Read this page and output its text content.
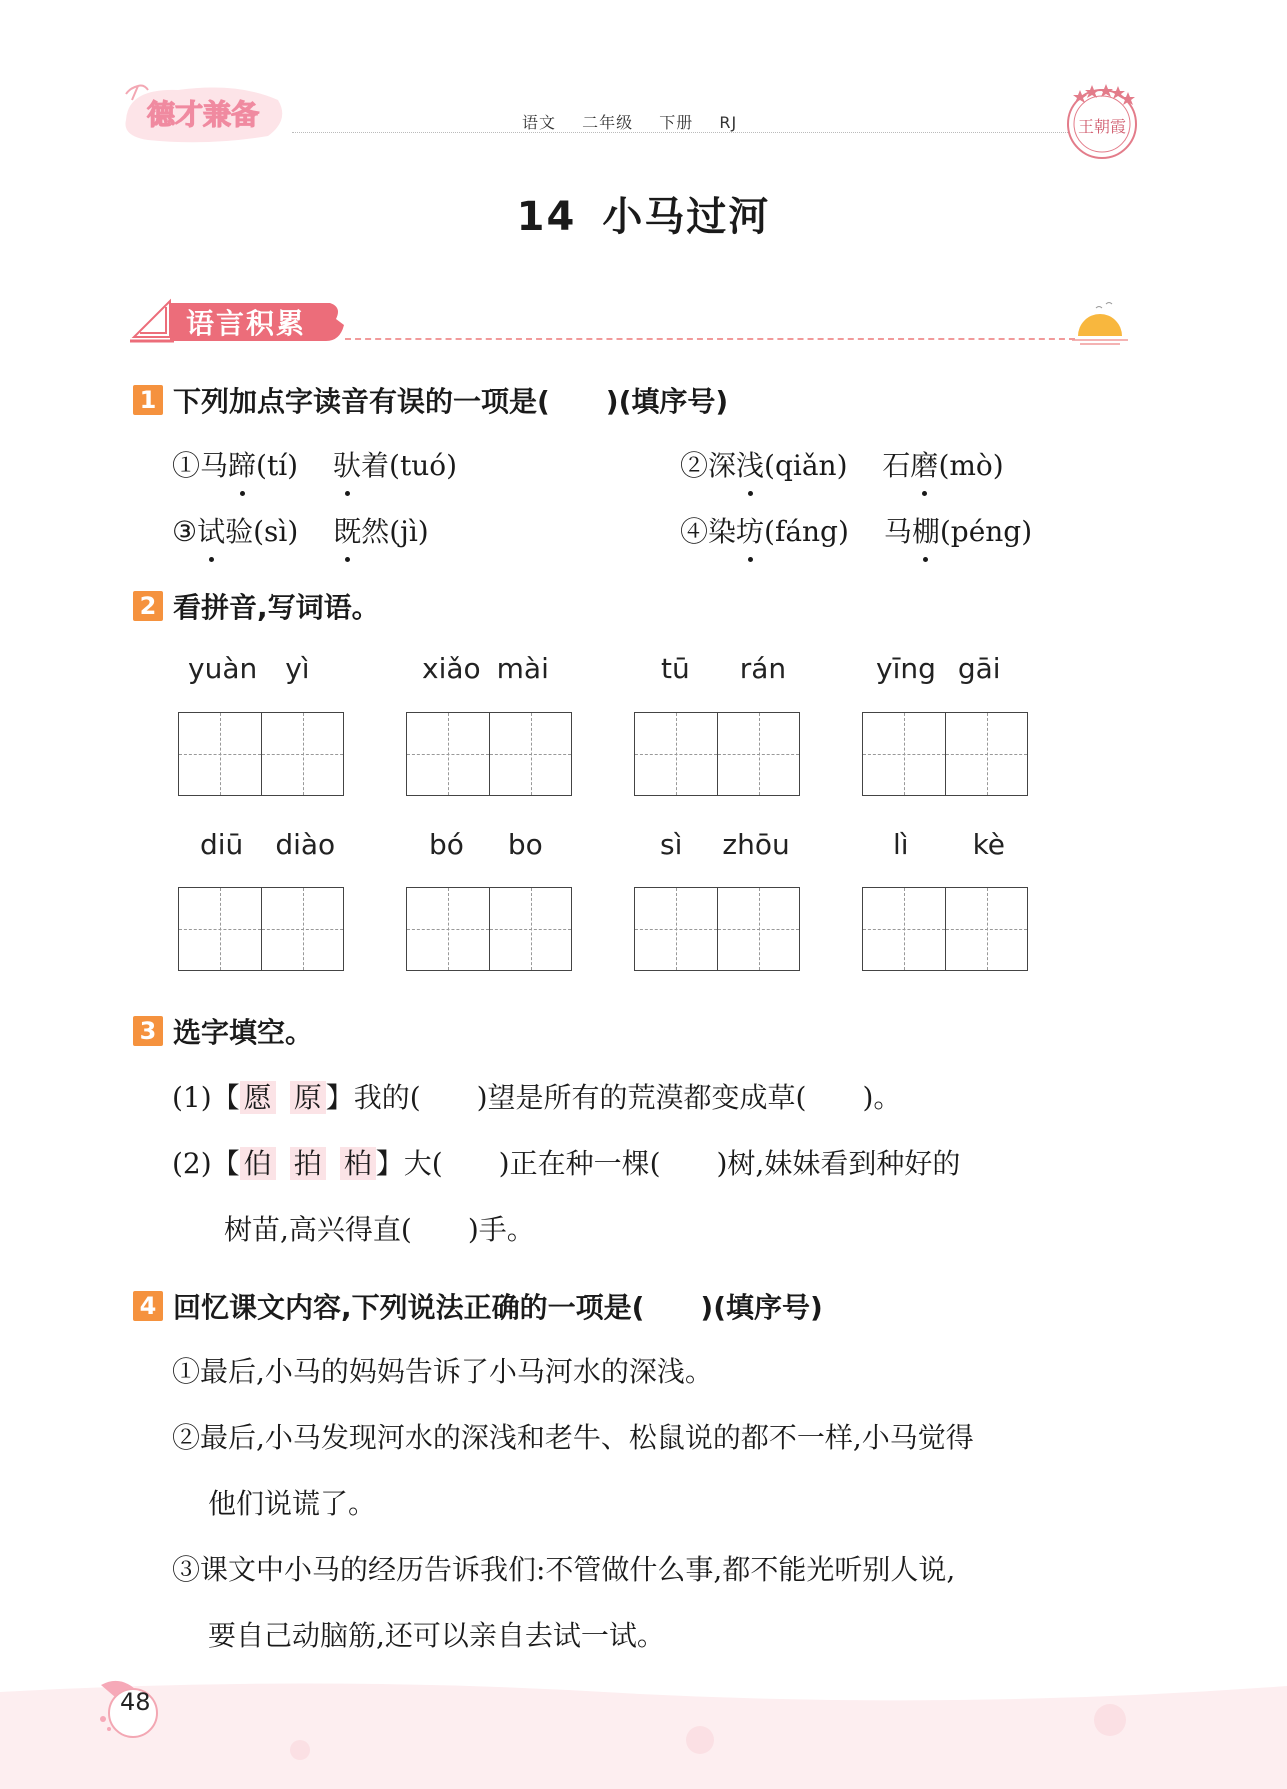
德才兼备	语文 二年级 下册 RJ	王朝霞
14 小马过河
语言积累
1 下列加点字读音有误的一项是(　　)(填序号)
①马蹄(tí) 驮着(tuó)	②深浅(qiǎn) 石磨(mò)
③试验(sì) 既然(jì)	④染坊(fáng) 马棚(péng)
2 看拼音,写词语。
yuàn yì	xiǎo mài	tū rán	yīng gāi
diū diào	bó bo	sì zhōu	lì kè
3 选字填空。
(1)【 愿 原 】我的(　　)望是所有的荒漠都变成草(　　)。
(2)【 伯 拍 柏 】大(　　)正在种一棵(　　)树,妹妹看到种好的
树苗,高兴得直(　　)手。
4 回忆课文内容,下列说法正确的一项是(　　)(填序号)
①最后,小马的妈妈告诉了小马河水的深浅。
②最后,小马发现河水的深浅和老牛、松鼠说的都不一样,小马觉得
他们说谎了。
③课文中小马的经历告诉我们:不管做什么事,都不能光听别人说,
要自己动脑筋,还可以亲自去试一试。
48
